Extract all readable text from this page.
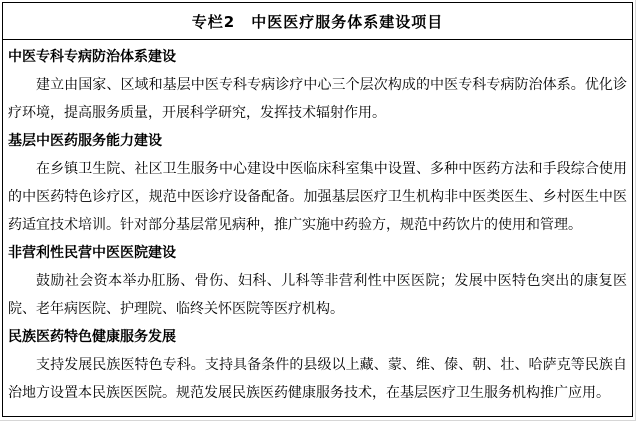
专栏2　中医医疗服务体系建设项目
中医专科专病防治体系建设

建立由国家、区域和基层中医专科专病诊疗中心三个层次构成的中医专科专病防治体系。优化诊疗环境，提高服务质量，开展科学研究，发挥技术辐射作用。

基层中医药服务能力建设

在乡镇卫生院、社区卫生服务中心建设中医临床科室集中设置、多种中医药方法和手段综合使用的中医药特色诊疗区，规范中医诊疗设备配备。加强基层医疗卫生机构非中医类医生、乡村医生中医药适宜技术培训。针对部分基层常见病种，推广实施中药验方，规范中药饮片的使用和管理。

非营利性民营中医医院建设

鼓励社会资本举办肛肠、骨伤、妇科、儿科等非营利性中医医院；发展中医特色突出的康复医院、老年病医院、护理院、临终关怀医院等医疗机构。

民族医药特色健康服务发展

支持发展民族医特色专科。支持具备条件的县级以上藏、蒙、维、傣、朝、壮、哈萨克等民族自治地方设置本民族医医院。规范发展民族医药健康服务技术，在基层医疗卫生服务机构推广应用。
